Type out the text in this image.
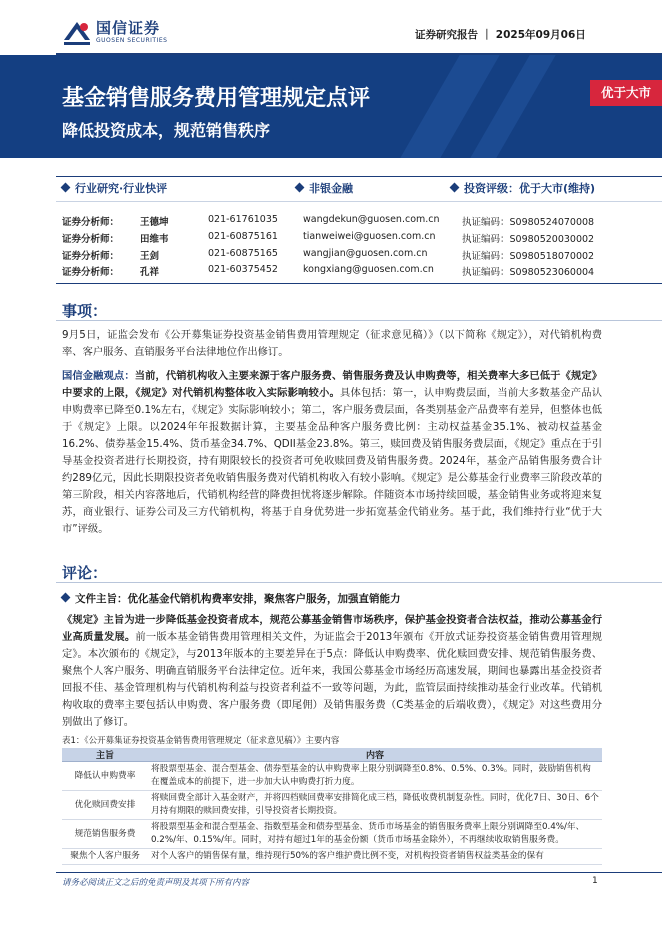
国信证券
GUOSEN SECURITIES	证券研究报告 ｜ 2025年09月06日
基金销售服务费用管理规定点评
降低投资成本，规范销售秩序
优于大市
行业研究·行业快评	非银金融	投资评级：优于大市(维持)
证券分析师： 王德坤	021-61761035	wangdekun@guosen.com.cn 执证编码：S0980524070008
证券分析师： 田维韦	021-60875161	tianweiwei@guosen.com.cn	执证编码：S0980520030002
证券分析师： 王剑	021-60875165	wangjian@guosen.com.cn	执证编码：S0980518070002
证券分析师： 孔祥	021-60375452	kongxiang@guosen.com.cn	执证编码：S0980523060004
事项：
9月5日，证监会发布《公开募集证券投资基金销售费用管理规定（征求意见稿）》（以下简称《规定》），对代销机构费率、客户服务、直销服务平台法律地位作出修订。
国信金融观点：当前，代销机构收入主要来源于客户服务费、销售服务费及认申购费等，相关费率大多已低于《规定》中要求的上限，《规定》对代销机构整体收入实际影响较小。具体包括：第一，认申购费层面，当前大多数基金产品认申购费率已降至0.1%左右，《规定》实际影响较小；第二，客户服务费层面，各类别基金产品费率有差异，但整体也低于《规定》上限。以2024年年报数据计算，主要基金品种客户服务费比例：主动权益基金35.1%、被动权益基金16.2%、债券基金15.4%、货币基金34.7%、QDII基金23.8%。第三，赎回费及销售服务费层面，《规定》重点在于引导基金投资者进行长期投资，持有期限较长的投资者可免收赎回费及销售服务费。2024年，基金产品销售服务费合计约289亿元，因此长期限投资者免收销售服务费对代销机构收入有较小影响。《规定》是公募基金行业费率三阶段改革的第三阶段，相关内容落地后，代销机构经营的降费担忧将逐步解除。伴随资本市场持续回暖，基金销售业务或将迎来复苏，商业银行、证券公司及三方代销机构，将基于自身优势进一步拓宽基金代销业务。基于此，我们维持行业“优于大市”评级。
评论：
文件主旨：优化基金代销机构费率安排，聚焦客户服务，加强直销能力
《规定》主旨为进一步降低基金投资者成本，规范公募基金销售市场秩序，保护基金投资者合法权益，推动公募基金行业高质量发展。前一版本基金销售费用管理相关文件，为证监会于2013年颁布《开放式证券投资基金销售费用管理规定》。本次颁布的《规定》，与2013年版本的主要差异在于5点：降低认申购费率、优化赎回费安排、规范销售服务费、聚焦个人客户服务、明确直销服务平台法律定位。近年来，我国公募基金市场经历高速发展，期间也暴露出基金投资者回报不佳、基金管理机构与代销机构利益与投资者利益不一致等问题，为此，监管层面持续推动基金行业改革。代销机构收取的费率主要包括认申购费、客户服务费（即尾佣）及销售服务费（C类基金的后端收费），《规定》对这些费用分别做出了修订。
表1：《公开募集证券投资基金销售费用管理规定（征求意见稿）》主要内容
主旨	内容
降低认申购费率	将股票型基金、混合型基金、债券型基金的认申购费率上限分别调降至0.8%、0.5%、0.3%。同时，鼓励销售机构在覆盖成本的前提下，进一步加大认申购费打折力度。
优化赎回费安排	将赎回费全部计入基金财产，并将四档赎回费率安排简化成三档，降低收费机制复杂性。同时，优化7日、30日、6个月持有期限的赎回费安排，引导投资者长期投资。
规范销售服务费	将股票型基金和混合型基金、指数型基金和债券型基金、货币市场基金的销售服务费率上限分别调降至0.4%/年、0.2%/年、0.15%/年。同时，对持有超过1年的基金份额（货币市场基金除外），不再继续收取销售服务费。
聚焦个人客户服务	对个人客户的销售保有量，维持现行50%的客户维护费比例不变，对机构投资者销售权益类基金的保有
请务必阅读正文之后的免责声明及其项下所有内容	1
